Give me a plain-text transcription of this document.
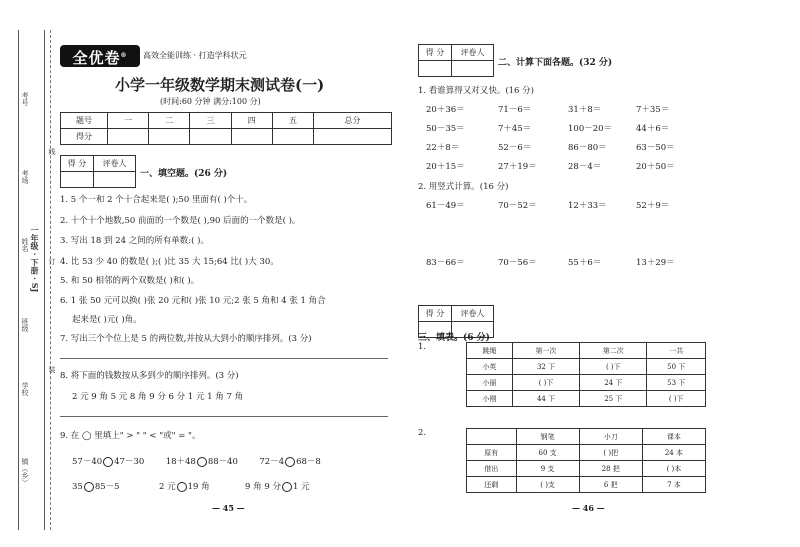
考号
考场
姓名 一年级 · 下册 · SJ
班级
学校
镇（乡）
线
订
装
全优卷®	高效全能训练 · 打造学科状元
小学一年级数学期末测试卷(一)
(时间:60 分钟 满分:100 分)
题号	一	二	三	四	五	总分
得分						
得 分	评卷人

一、填空题。(26 分)
1. 5 个一和 2 个十合起来是( );50 里面有( )个十。
2. 十个十个地数,50 前面的一个数是( ),90 后面的一个数是( )。
3. 写出 18 到 24 之间的所有单数:( )。
4. 比 53 少 40 的数是( );( )比 35 大 15;64 比( )大 30。
5. 和 50 相邻的两个双数是( )和( )。
6. 1 张 50 元可以换( )张 20 元和( )张 10 元;2 张 5 角和 4 张 1 角合
起来是( )元( )角。
7. 写出三个个位上是 5 的两位数,并按从大到小的顺序排列。(3 分)
8. 将下面的钱数按从多到少的顺序排列。(3 分)
2 元 9 角 5 元 8 角 9 分 6 分 1 元 1 角 7 角
9. 在 ◯ 里填上" > " " < "或" = "。
57－40 47－30	18＋48 88－40	72－4 68－8
35 85－5	2 元 19 角	9 角 9 分 1 元
— 45 —
得 分	评卷人

二、计算下面各题。(32 分)
1. 看谁算得又对又快。(16 分)
20＋36＝	71－6＝	31＋8＝	7＋35＝
50－35＝	7＋45＝	100－20＝	44＋6＝
22＋8＝	52－6＝	86－80＝	63－50＝
20＋15＝	27＋19＝	28－4＝	20＋50＝
2. 用竖式计算。(16 分)
61－49＝	70－52＝	12＋33＝	52＋9＝
83－66＝	70－56＝	55＋6＝	13＋29＝
得 分	评卷人

三、填表。(6 分)
1.	跳绳	第一次	第二次	一共
小英	32 下	( )下	50 下
小丽	( )下	24 下	53 下
小刚	44 下	25 下	( )下
2.
		钢笔	小刀	课本
原有	60 支	( )把	24 本
借出	9 支	28 把	( )本
还剩	( )支	6 把	7 本
— 46 —
